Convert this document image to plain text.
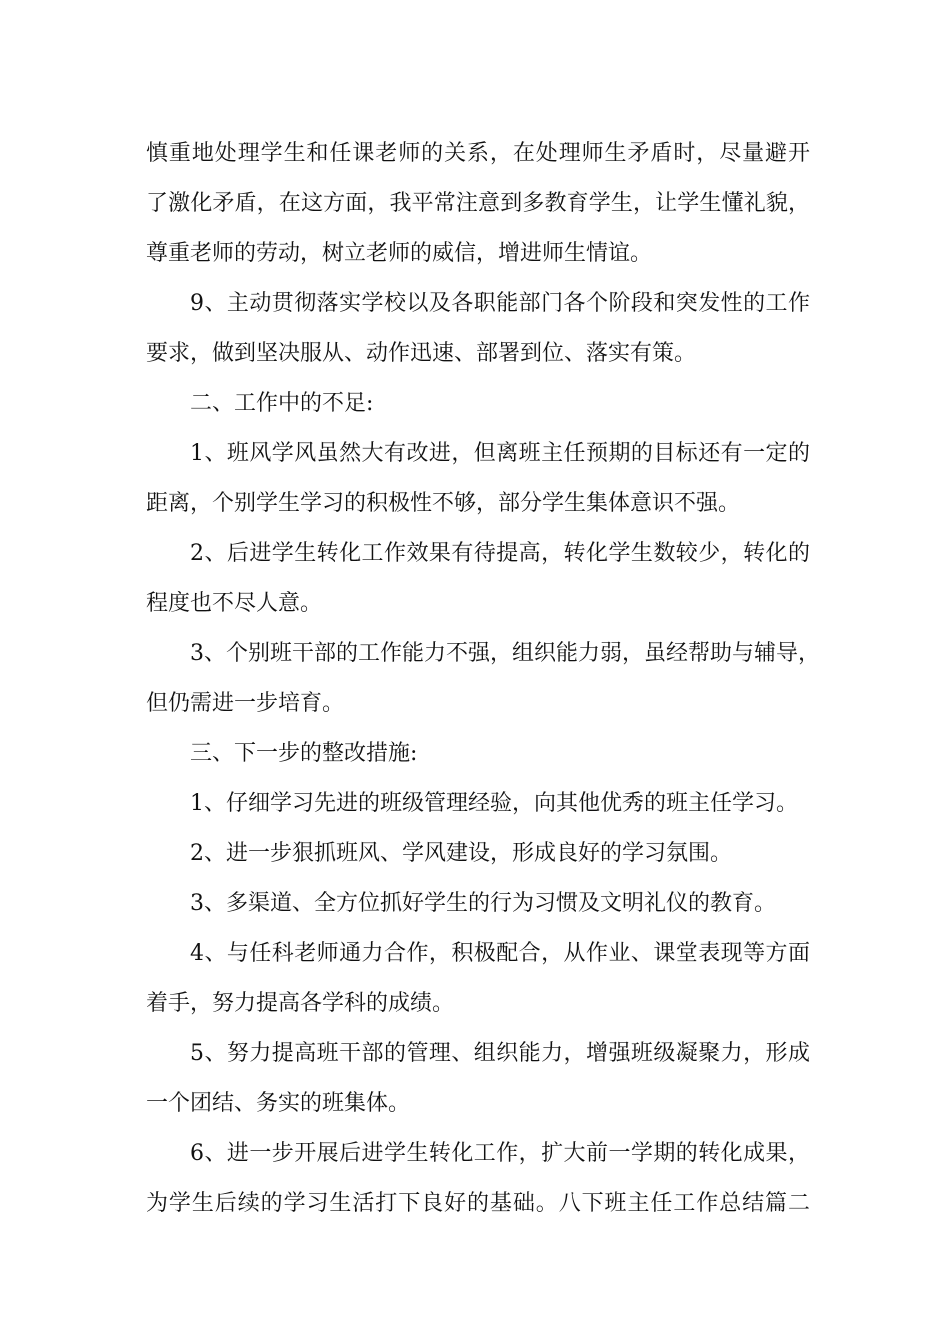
慎重地处理学生和任课老师的关系，在处理师生矛盾时，尽量避开
了激化矛盾，在这方面，我平常注意到多教育学生，让学生懂礼貌，
尊重老师的劳动，树立老师的威信，增进师生情谊。
9、主动贯彻落实学校以及各职能部门各个阶段和突发性的工作
要求，做到坚决服从、动作迅速、部署到位、落实有策。
二、工作中的不足:
1、班风学风虽然大有改进，但离班主任预期的目标还有一定的
距离，个别学生学习的积极性不够，部分学生集体意识不强。
2、后进学生转化工作效果有待提高，转化学生数较少，转化的
程度也不尽人意。
3、个别班干部的工作能力不强，组织能力弱，虽经帮助与辅导，
但仍需进一步培育。
三、下一步的整改措施:
1、仔细学习先进的班级管理经验，向其他优秀的班主任学习。
2、进一步狠抓班风、学风建设，形成良好的学习氛围。
3、多渠道、全方位抓好学生的行为习惯及文明礼仪的教育。
4、与任科老师通力合作，积极配合，从作业、课堂表现等方面
着手，努力提高各学科的成绩。
5、努力提高班干部的管理、组织能力，增强班级凝聚力，形成
一个团结、务实的班集体。
6、进一步开展后进学生转化工作，扩大前一学期的转化成果，
为学生后续的学习生活打下良好的基础。八下班主任工作总结篇二
